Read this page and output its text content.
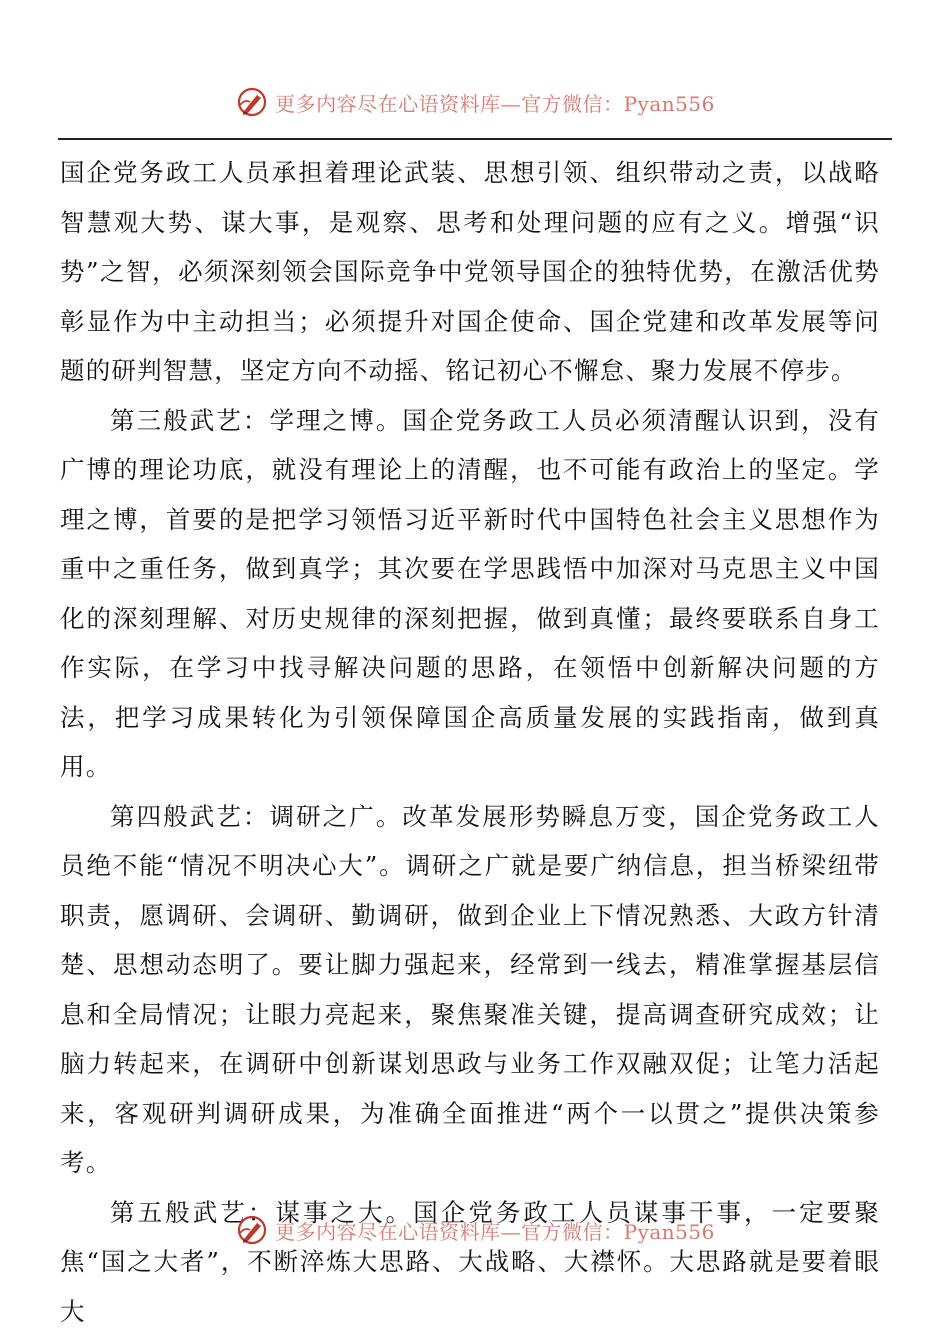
更多内容尽在心语资料库—官方微信：Pyan556

国企党务政工人员承担着理论武装、思想引领、组织带动之责，以战略智慧观大势、谋大事，是观察、思考和处理问题的应有之义。增强“识势”之智，必须深刻领会国际竞争中党领导国企的独特优势，在激活优势彰显作为中主动担当；必须提升对国企使命、国企党建和改革发展等问题的研判智慧，坚定方向不动摇、铭记初心不懈怠、聚力发展不停步。

第三般武艺：学理之博。国企党务政工人员必须清醒认识到，没有广博的理论功底，就没有理论上的清醒，也不可能有政治上的坚定。学理之博，首要的是把学习领悟习近平新时代中国特色社会主义思想作为重中之重任务，做到真学；其次要在学思践悟中加深对马克思主义中国化的深刻理解、对历史规律的深刻把握，做到真懂；最终要联系自身工作实际，在学习中找寻解决问题的思路，在领悟中创新解决问题的方法，把学习成果转化为引领保障国企高质量发展的实践指南，做到真用。

第四般武艺：调研之广。改革发展形势瞬息万变，国企党务政工人员绝不能“情况不明决心大”。调研之广就是要广纳信息，担当桥梁纽带职责，愿调研、会调研、勤调研，做到企业上下情况熟悉、大政方针清楚、思想动态明了。要让脚力强起来，经常到一线去，精准掌握基层信息和全局情况；让眼力亮起来，聚焦聚准关键，提高调查研究成效；让脑力转起来，在调研中创新谋划思政与业务工作双融双促；让笔力活起来，客观研判调研成果，为准确全面推进“两个一以贯之”提供决策参考。

第五般武艺：谋事之大。国企党务政工人员谋事干事，一定要聚焦“国之大者”，不断淬炼大思路、大战略、大襟怀。大思路就是要着眼大

更多内容尽在心语资料库—官方微信：Pyan556
